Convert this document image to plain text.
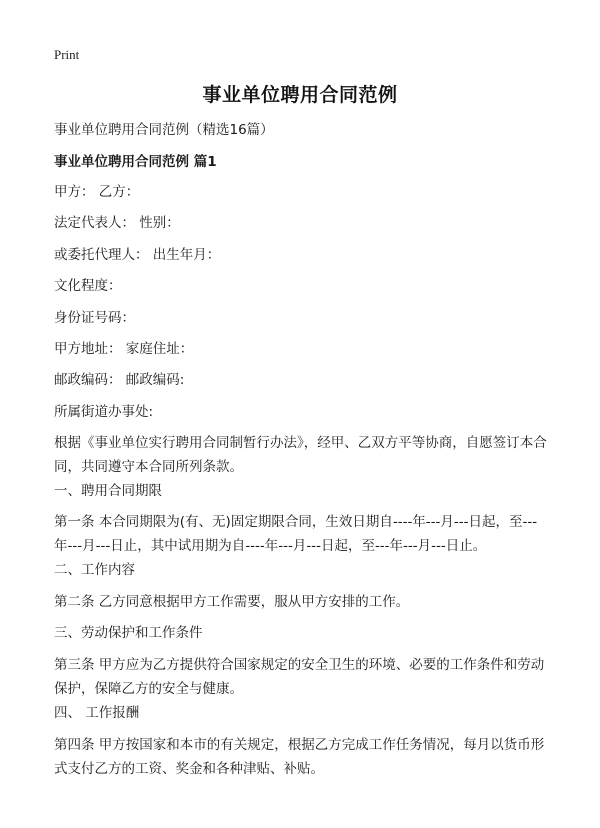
Print
事业单位聘用合同范例
事业单位聘用合同范例（精选16篇）
事业单位聘用合同范例 篇1
甲方： 乙方：
法定代表人： 性别：
或委托代理人： 出生年月：
文化程度：
身份证号码：
甲方地址： 家庭住址：
邮政编码： 邮政编码:
所属街道办事处:
根据《事业单位实行聘用合同制暂行办法》，经甲、乙双方平等协商，自愿签订本合同，共同遵守本合同所列条款。
一、聘用合同期限
第一条 本合同期限为(有、无)固定期限合同，生效日期自----年---月---日起，至---年---月---日止，其中试用期为自----年---月---日起，至---年---月---日止。
二、工作内容
第二条 乙方同意根据甲方工作需要，服从甲方安排的工作。
三、劳动保护和工作条件
第三条 甲方应为乙方提供符合国家规定的安全卫生的环境、必要的工作条件和劳动保护，保障乙方的安全与健康。
四、 工作报酬
第四条 甲方按国家和本市的有关规定，根据乙方完成工作任务情况，每月以货币形式支付乙方的工资、奖金和各种津贴、补贴。
